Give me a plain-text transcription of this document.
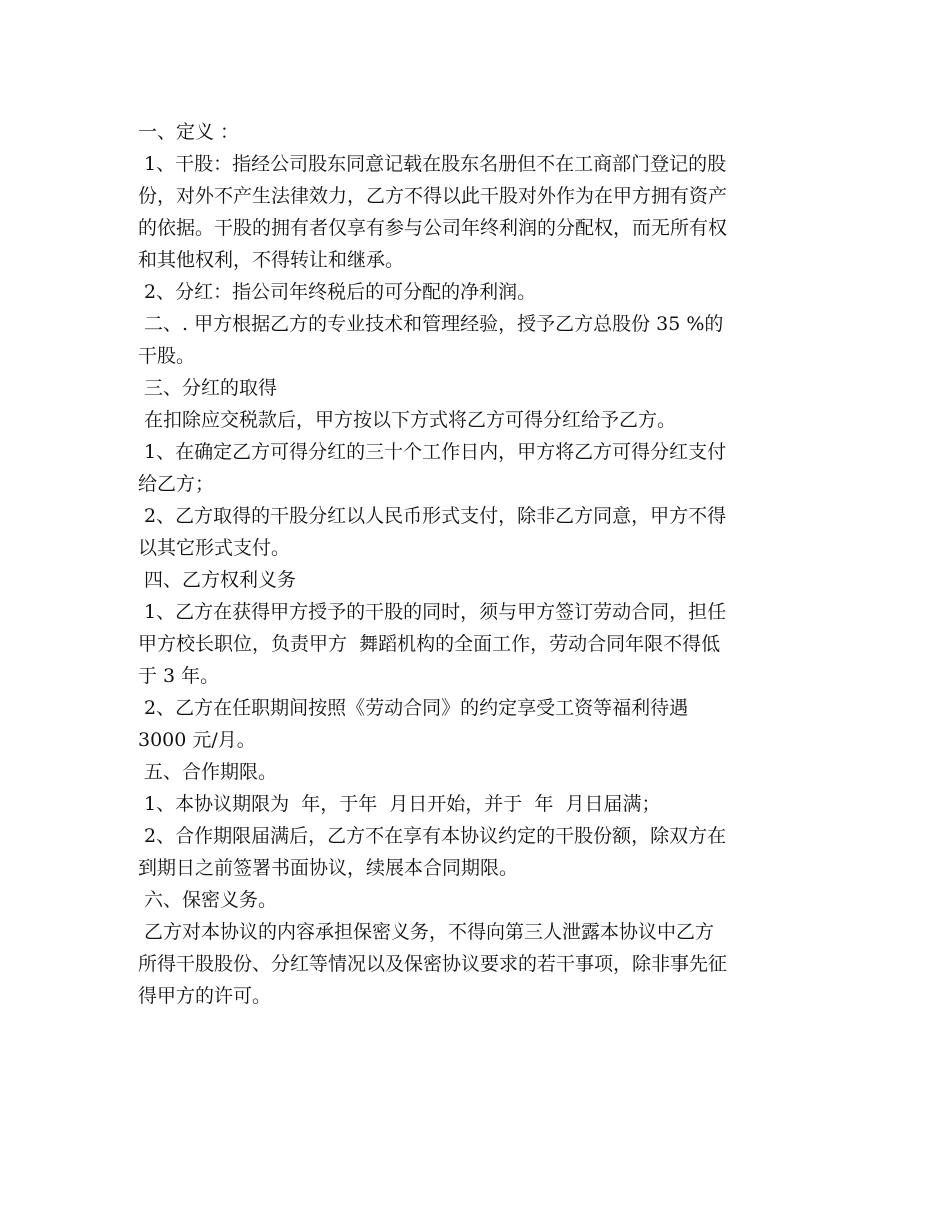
一、定义 ：
1、干股：指经公司股东同意记载在股东名册但不在工商部门登记的股
份，对外不产生法律效力，乙方不得以此干股对外作为在甲方拥有资产
的依据。干股的拥有者仅享有参与公司年终利润的分配权，而无所有权
和其他权利，不得转让和继承。
2、分红：指公司年终税后的可分配的净利润。
二、. 甲方根据乙方的专业技术和管理经验，授予乙方总股份 35 %的
干股。
三、分红的取得
在扣除应交税款后，甲方按以下方式将乙方可得分红给予乙方。
1、在确定乙方可得分红的三十个工作日内，甲方将乙方可得分红支付
给乙方；
2、乙方取得的干股分红以人民币形式支付，除非乙方同意，甲方不得
以其它形式支付。
四、乙方权利义务
1、乙方在获得甲方授予的干股的同时，须与甲方签订劳动合同，担任
甲方校长职位，负责甲方  舞蹈机构的全面工作，劳动合同年限不得低
于 3 年。
2、乙方在任职期间按照《劳动合同》的约定享受工资等福利待遇
3000 元/月。
五、合作期限。
1、本协议期限为  年，于年  月日开始，并于  年  月日届满；
2、合作期限届满后，乙方不在享有本协议约定的干股份额，除双方在
到期日之前签署书面协议，续展本合同期限。
六、保密义务。
乙方对本协议的内容承担保密义务，不得向第三人泄露本协议中乙方
所得干股股份、分红等情况以及保密协议要求的若干事项，除非事先征
得甲方的许可。
